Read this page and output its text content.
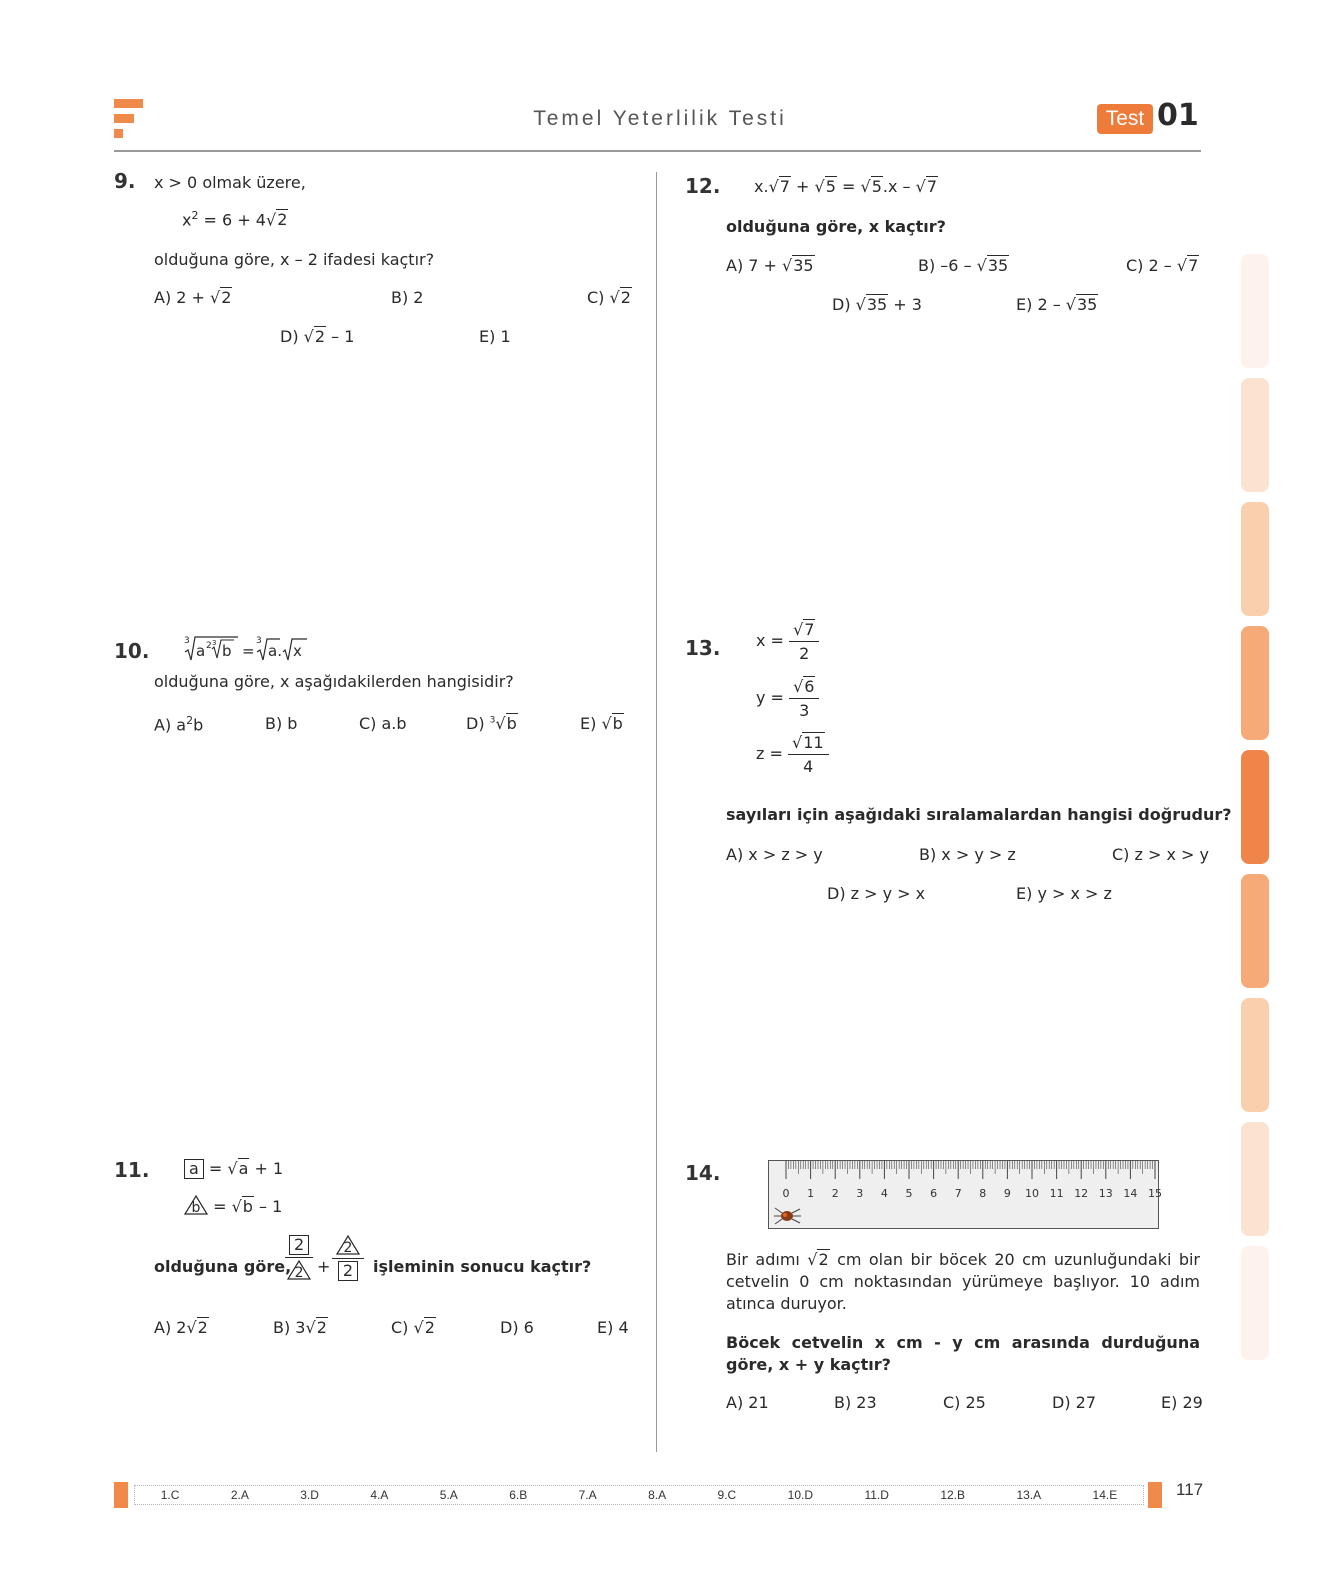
Temel Yeterlilik Testi	Test 01
9. x > 0 olmak üzere,
$x^2 = 6 + 4√2$
olduğuna göre, x – 2 ifadesi kaçtır?
A) 2 + √2	B) 2	C) √2
D) √2 – 1	E) 1
10.	3
a 2 3 b =
3
a. x
olduğuna göre, x aşağıdakilerden hangisidir?
A) $a^2b$	B) b	C) a.b	D) $^3$√b	E) √b
11.	a = √a + 1
b = √b – 1
olduğuna göre,
$\frac{2}{2} + \frac{2}{2}$ işleminin sonucu kaçtır?
A) 2√2	B) 3√2	C) √2	D) 6	E) 4
12. x.√7 + √5 = √5.x – √7
olduğuna göre, x kaçtır?
A) 7 + √35	B) –6 – √35	C) 2 – √7
D) √35 + 3	E) 2 – √35
13. $x = \frac{√7}{2}$
$y = \frac{√6}{3}$
$z = \frac{√11}{4}$
sayıları için aşağıdaki sıralamalardan hangisi doğrudur?
A) x > z > y	B) x > y > z	C) z > x > y
D) z > y > x	E) y > x > z
14.
0 1 2 3 4 5 6 7 8 9 10 11 12 13 14 15
Bir adımı √2 cm olan bir böcek 20 cm uzunluğundaki bir cetvelin 0 cm noktasından yürümeye başlıyor. 10 adım atınca duruyor.
Böcek cetvelin x cm - y cm arasında durduğuna göre, x + y kaçtır?
A) 21	B) 23	C) 25	D) 27	E) 29
1.C	2.A	3.D	4.A	5.A	6.B	7.A	8.A	9.C	10.D	11.D	12.B	13.A	14.E	117
